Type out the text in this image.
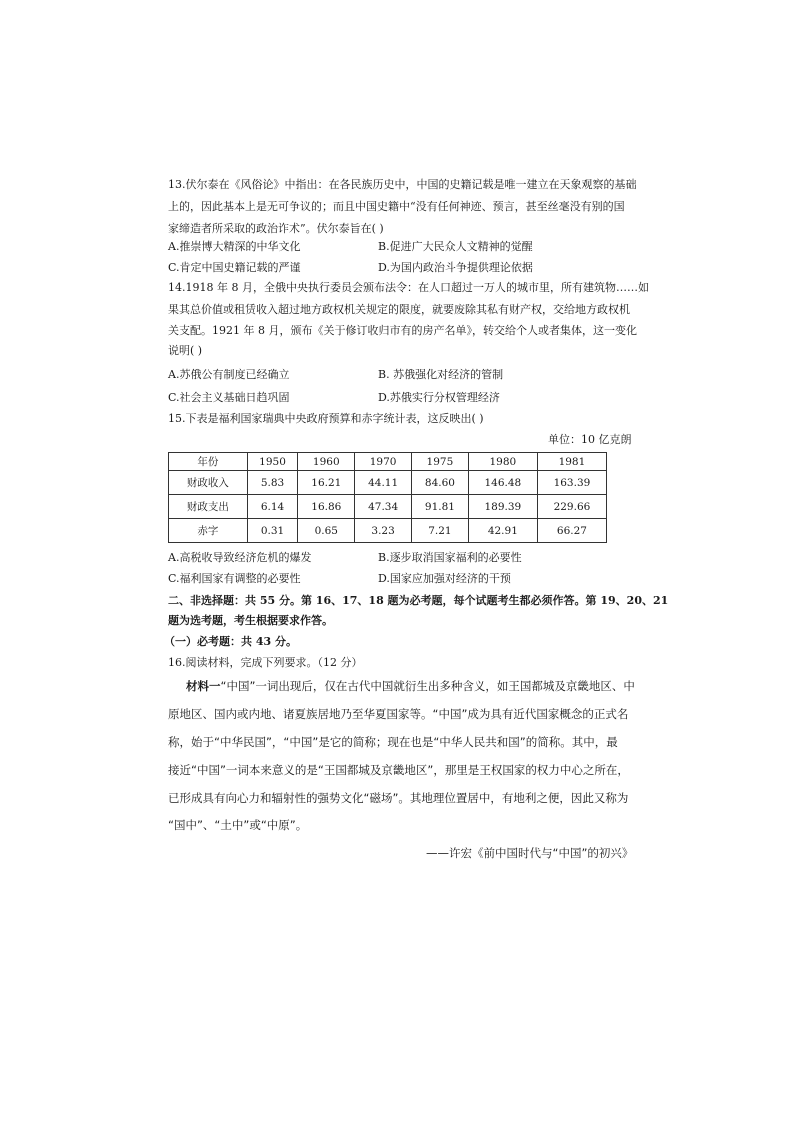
13.伏尔泰在《风俗论》中指出：在各民族历史中，中国的史籍记载是唯一建立在天象观察的基础
上的，因此基本上是无可争议的；而且中国史籍中“没有任何神迹、预言，甚至丝毫没有别的国
家缔造者所采取的政治诈术”。伏尔泰旨在( )
A.推崇博大精深的中华文化	B.促进广大民众人文精神的觉醒
C.肯定中国史籍记载的严谨	D.为国内政治斗争提供理论依据
14.1918 年 8 月，全俄中央执行委员会颁布法令：在人口超过一万人的城市里，所有建筑物……如
果其总价值或租赁收入超过地方政权机关规定的限度，就要废除其私有财产权，交给地方政权机
关支配。1921 年 8 月，颁布《关于修订收归市有的房产名单》，转交给个人或者集体，这一变化
说明( )
A.苏俄公有制度已经确立	B. 苏俄强化对经济的管制
C.社会主义基础日趋巩固	D.苏俄实行分权管理经济
15.下表是福利国家瑞典中央政府预算和赤字统计表，这反映出( )
单位：10 亿克朗
年份	1950	1960	1970	1975	1980	1981
财政收入	5.83	16.21	44.11	84.60	146.48	163.39
财政支出	6.14	16.86	47.34	91.81	189.39	229.66
赤字	0.31	0.65	3.23	7.21	42.91	66.27
A.高税收导致经济危机的爆发	B.逐步取消国家福利的必要性
C.福利国家有调整的必要性	D.国家应加强对经济的干预
二、非选择题：共 55 分。第 16、17、18 题为必考题，每个试题考生都必须作答。第 19、20、21
题为选考题，考生根据要求作答。
（一）必考题：共 43 分。
16.阅读材料，完成下列要求。（12 分）
材料一“中国”一词出现后，仅在古代中国就衍生出多种含义，如王国都城及京畿地区、中
原地区、国内或内地、诸夏族居地乃至华夏国家等。“中国”成为具有近代国家概念的正式名
称，始于“中华民国”，“中国”是它的简称；现在也是“中华人民共和国”的简称。其中，最
接近“中国”一词本来意义的是“王国都城及京畿地区”，那里是王权国家的权力中心之所在，
已形成具有向心力和辐射性的强势文化“磁场”。其地理位置居中，有地利之便，因此又称为
“国中”、“土中”或“中原”。
——许宏《前中国时代与“中国”的初兴》
